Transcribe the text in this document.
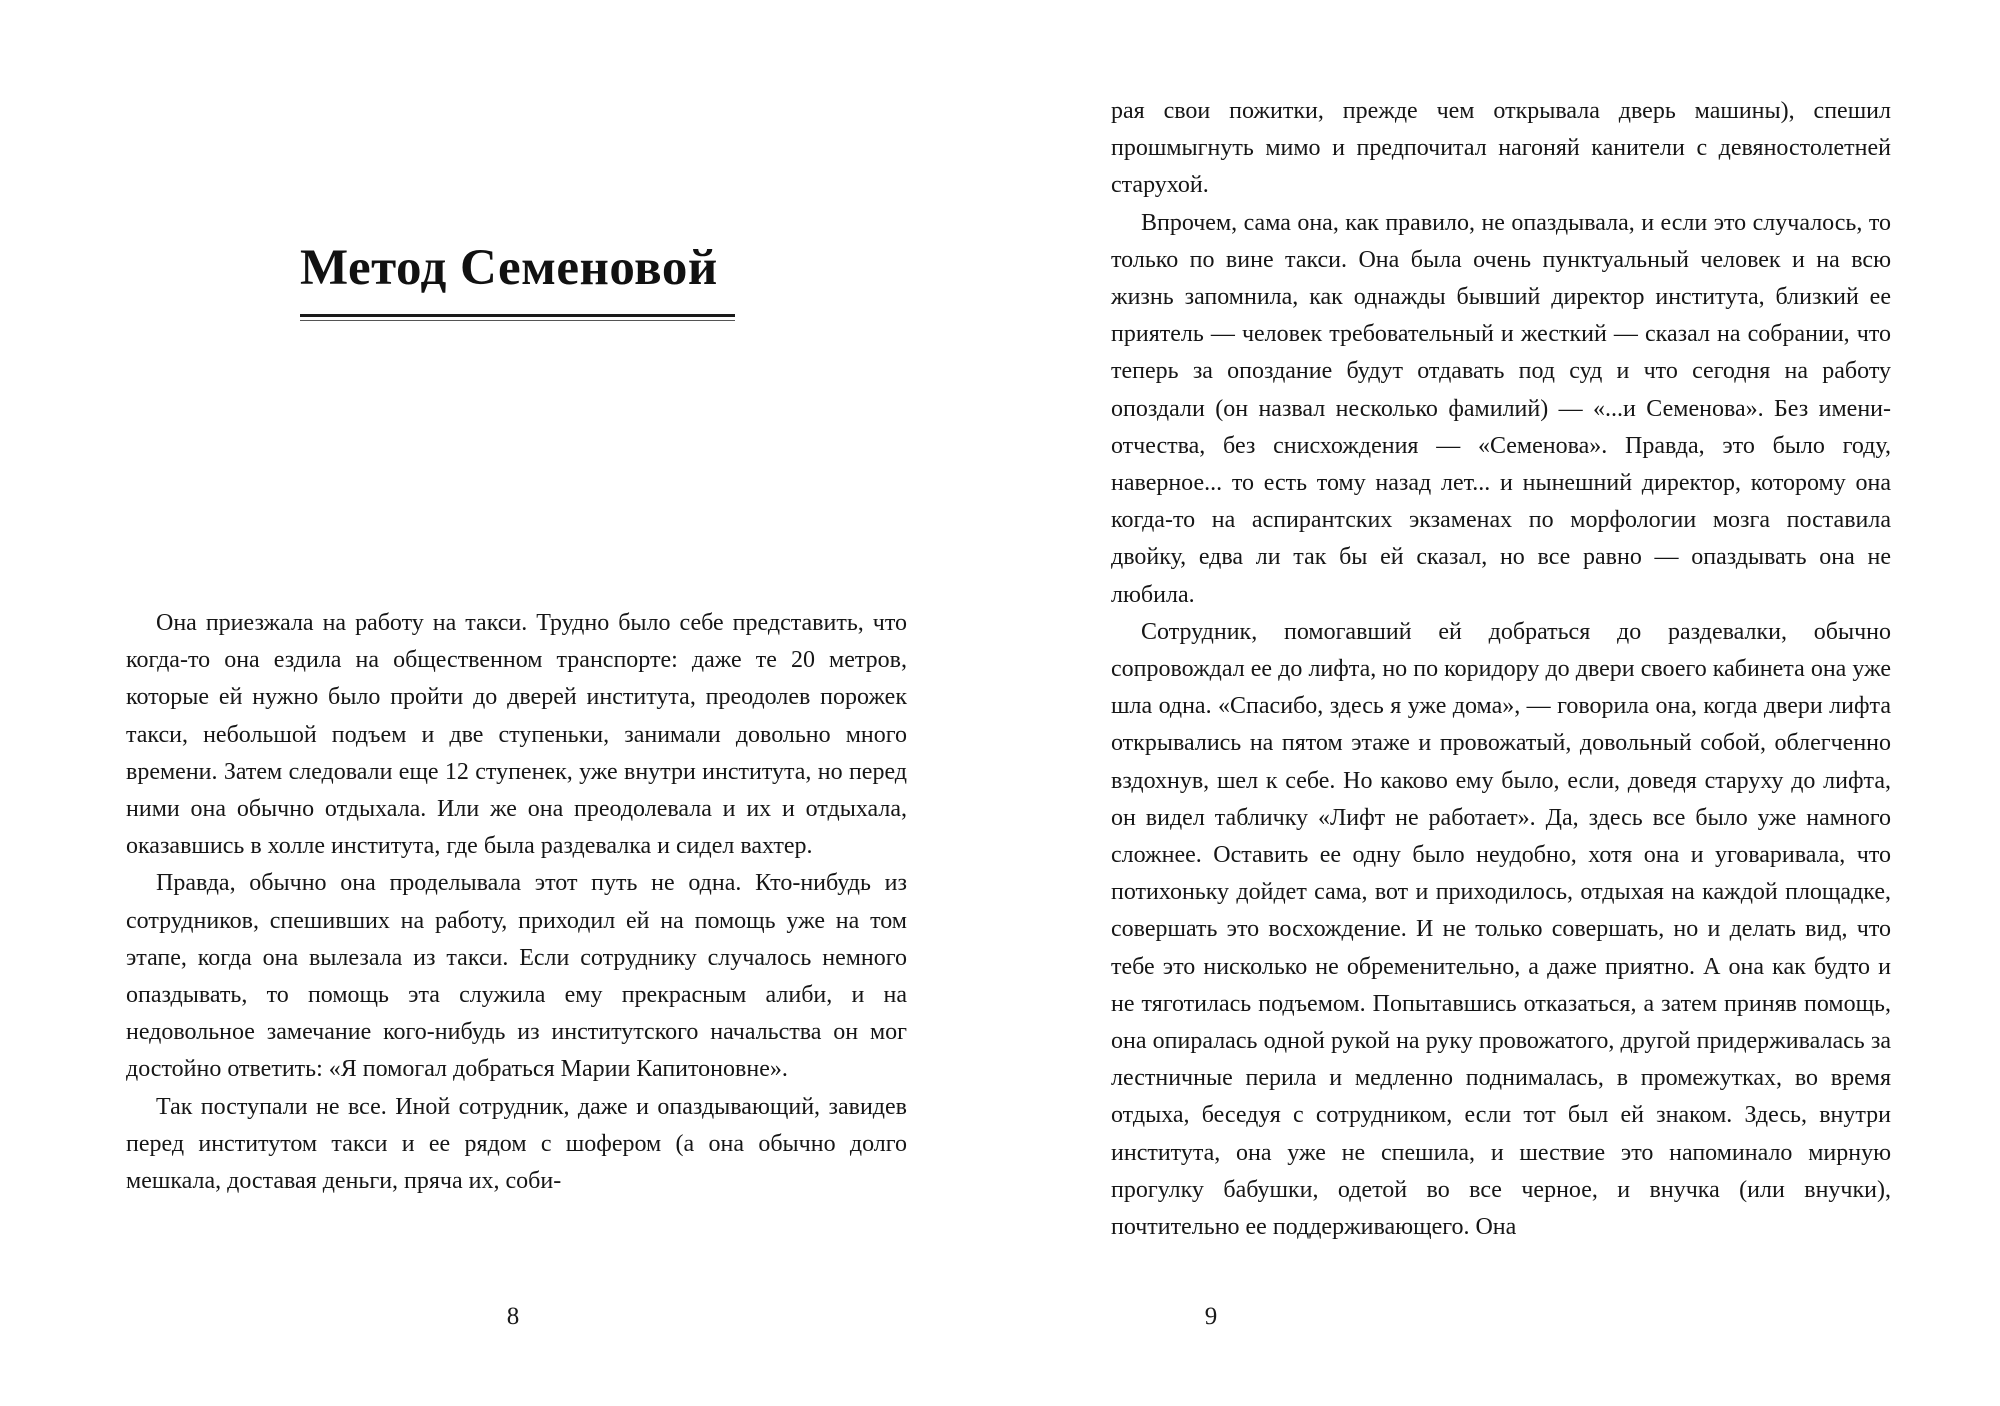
Метод Семеновой

Она приезжала на работу на такси. Трудно было себе представить, что когда-то она ездила на общественном транспорте: даже те 20 метров, которые ей нужно было пройти до дверей института, преодолев порожек такси, небольшой подъем и две ступеньки, занимали довольно много времени. Затем следовали еще 12 ступенек, уже внутри института, но перед ними она обычно отдыхала. Или же она преодолевала и их и отдыхала, оказавшись в холле института, где была раздевалка и сидел вахтер.

Правда, обычно она проделывала этот путь не одна. Кто-нибудь из сотрудников, спешивших на работу, приходил ей на помощь уже на том этапе, когда она вылезала из такси. Если сотруднику случалось немного опаздывать, то помощь эта служила ему прекрасным алиби, и на недовольное замечание кого-нибудь из институтского начальства он мог достойно ответить: «Я помогал добраться Марии Капитоновне».

Так поступали не все. Иной сотрудник, даже и опаздывающий, завидев перед институтом такси и ее рядом с шофером (а она обычно долго мешкала, доставая деньги, пряча их, соби-

8

рая свои пожитки, прежде чем открывала дверь машины), спешил прошмыгнуть мимо и предпочитал нагоняй канители с девяностолетней старухой.

Впрочем, сама она, как правило, не опаздывала, и если это случалось, то только по вине такси. Она была очень пунктуальный человек и на всю жизнь запомнила, как однажды бывший директор института, близкий ее приятель — человек требовательный и жесткий — сказал на собрании, что теперь за опоздание будут отдавать под суд и что сегодня на работу опоздали (он назвал несколько фамилий) — «...и Семенова». Без имени-отчества, без снисхождения — «Семенова». Правда, это было году, наверное... то есть тому назад лет... и нынешний директор, которому она когда-то на аспирантских экзаменах по морфологии мозга поставила двойку, едва ли так бы ей сказал, но все равно — опаздывать она не любила.

Сотрудник, помогавший ей добраться до раздевалки, обычно сопровождал ее до лифта, но по коридору до двери своего кабинета она уже шла одна. «Спасибо, здесь я уже дома», — говорила она, когда двери лифта открывались на пятом этаже и провожатый, довольный собой, облегченно вздохнув, шел к себе. Но каково ему было, если, доведя старуху до лифта, он видел табличку «Лифт не работает». Да, здесь все было уже намного сложнее. Оставить ее одну было неудобно, хотя она и уговаривала, что потихоньку дойдет сама, вот и приходилось, отдыхая на каждой площадке, совершать это восхождение. И не только совершать, но и делать вид, что тебе это нисколько не обременительно, а даже приятно. А она как будто и не тяготилась подъемом. Попытавшись отказаться, а затем приняв помощь, она опиралась одной рукой на руку провожатого, другой придерживалась за лестничные перила и медленно поднималась, в промежутках, во время отдыха, беседуя с сотрудником, если тот был ей знаком. Здесь, внутри института, она уже не спешила, и шествие это напоминало мирную прогулку бабушки, одетой во все черное, и внучка (или внучки), почтительно ее поддерживающего. Она

9
